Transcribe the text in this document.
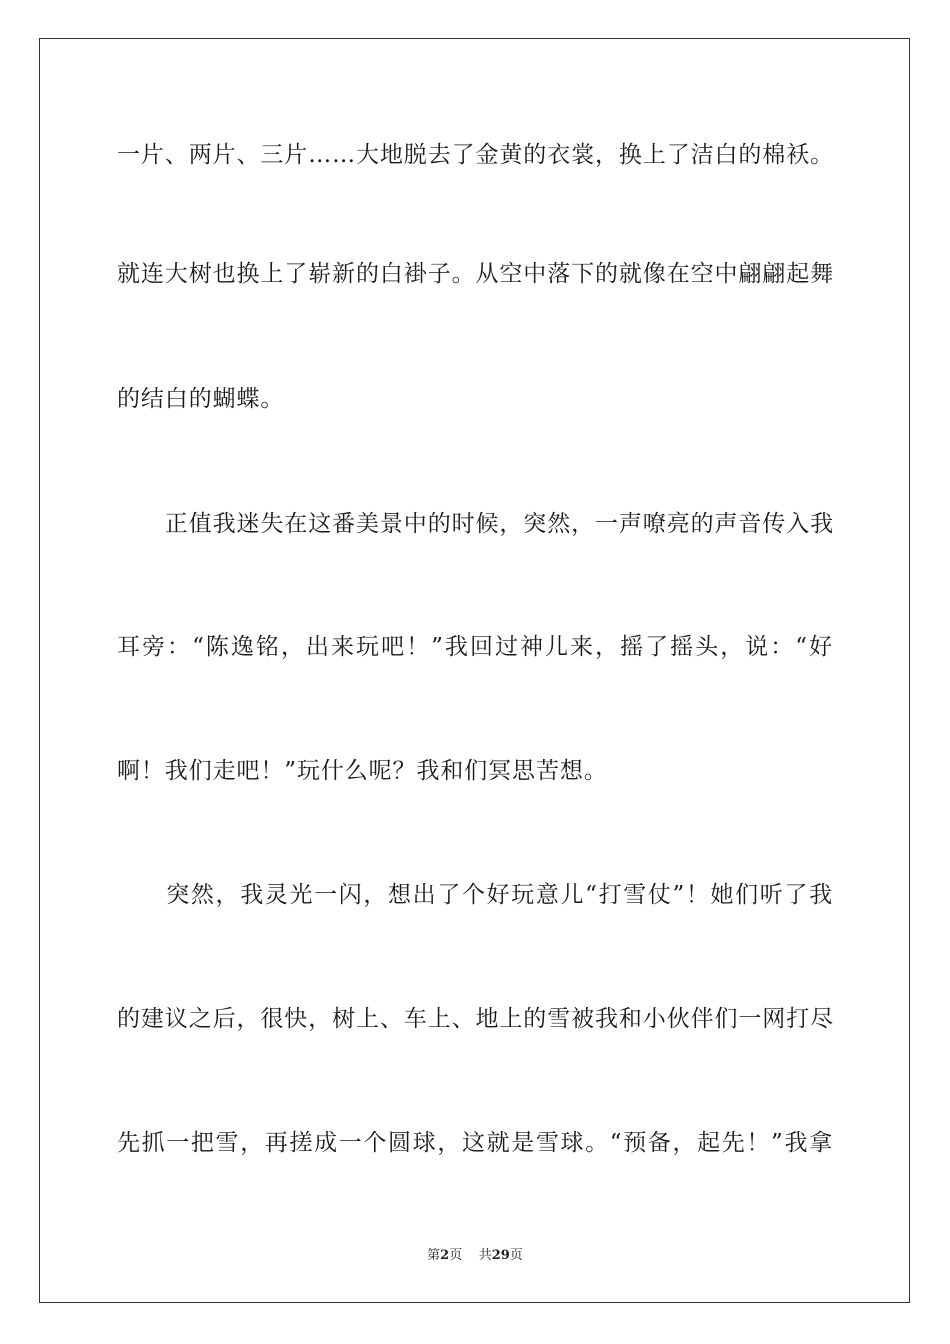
一片、两片、三片……大地脱去了金黄的衣裳，换上了洁白的棉袄。
就连大树也换上了崭新的白褂子。从空中落下的就像在空中翩翩起舞
的结白的蝴蝶。
　　正值我迷失在这番美景中的时候，突然，一声嘹亮的声音传入我
耳旁：“陈逸铭，出来玩吧！”我回过神儿来，摇了摇头，说：“好
啊！我们走吧！”玩什么呢？我和们冥思苦想。
　　突然，我灵光一闪，想出了个好玩意儿“打雪仗”！她们听了我
的建议之后，很快，树上、车上、地上的雪被我和小伙伴们一网打尽
先抓一把雪，再搓成一个圆球，这就是雪球。“预备，起先！”我拿
第2页 共29页
